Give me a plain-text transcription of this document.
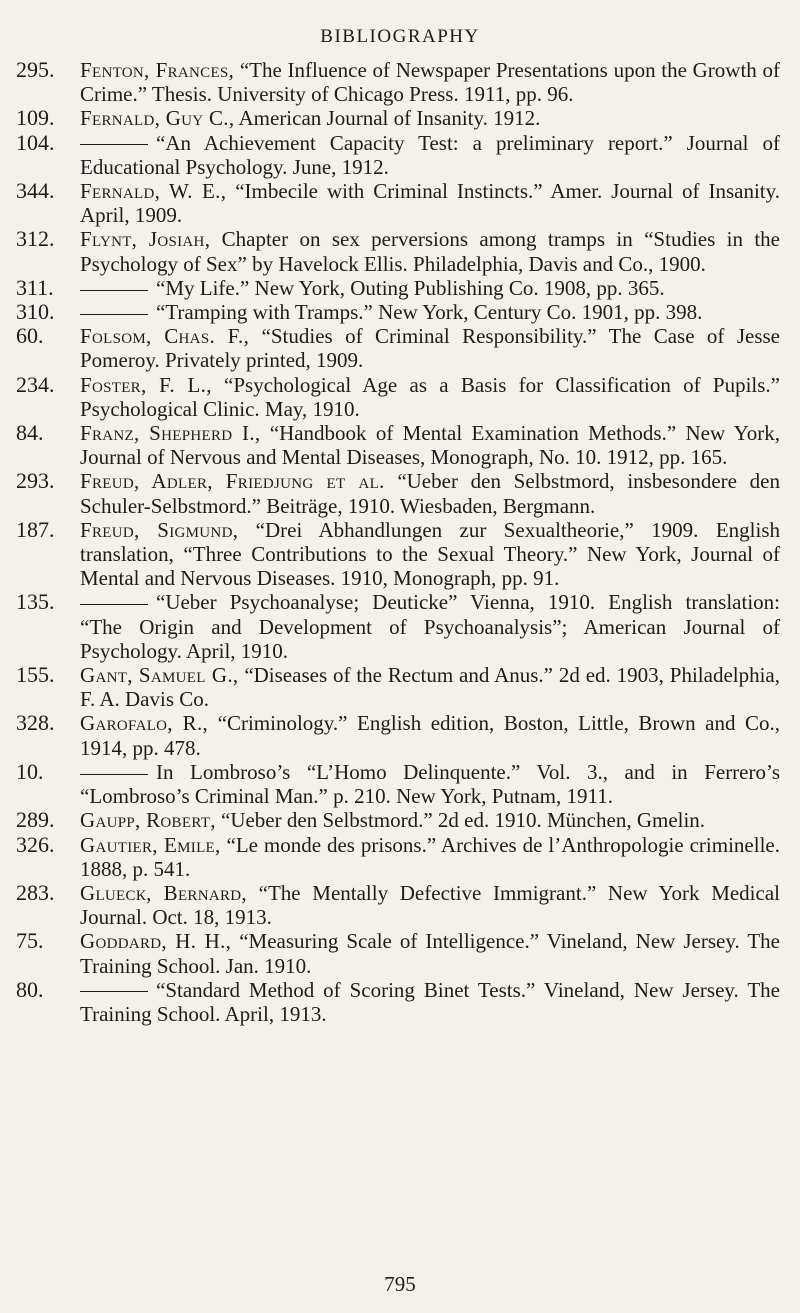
BIBLIOGRAPHY
295.	Fenton, Frances, “The Influence of Newspaper Presentations upon the Growth of Crime.” Thesis. University of Chicago Press. 1911, pp. 96.
109.	Fernald, Guy C., American Journal of Insanity. 1912.
104.	“An Achievement Capacity Test: a preliminary report.” Journal of Educational Psychology. June, 1912.
344.	Fernald, W. E., “Imbecile with Criminal Instincts.” Amer. Journal of Insanity. April, 1909.
312.	Flynt, Josiah, Chapter on sex perversions among tramps in “Studies in the Psychology of Sex” by Havelock Ellis. Philadelphia, Davis and Co., 1900.
311.	“My Life.” New York, Outing Publishing Co. 1908, pp. 365.
310.	“Tramping with Tramps.” New York, Century Co. 1901, pp. 398.
60.	Folsom, Chas. F., “Studies of Criminal Responsibility.” The Case of Jesse Pomeroy. Privately printed, 1909.
234.	Foster, F. L., “Psychological Age as a Basis for Classification of Pupils.” Psychological Clinic. May, 1910.
84.	Franz, Shepherd I., “Handbook of Mental Examination Methods.” New York, Journal of Nervous and Mental Diseases, Monograph, No. 10. 1912, pp. 165.
293.	Freud, Adler, Friedjung et al. “Ueber den Selbstmord, insbesondere den Schuler-Selbstmord.” Beiträge, 1910. Wiesbaden, Bergmann.
187.	Freud, Sigmund, “Drei Abhandlungen zur Sexualtheorie,” 1909. English translation, “Three Contributions to the Sexual Theory.” New York, Journal of Mental and Nervous Diseases. 1910, Monograph, pp. 91.
135.	“Ueber Psychoanalyse; Deuticke” Vienna, 1910. English translation: “The Origin and Development of Psychoanalysis”; American Journal of Psychology. April, 1910.
155.	Gant, Samuel G., “Diseases of the Rectum and Anus.” 2d ed. 1903, Philadelphia, F. A. Davis Co.
328.	Garofalo, R., “Criminology.” English edition, Boston, Little, Brown and Co., 1914, pp. 478.
10.	In Lombroso’s “L’Homo Delinquente.” Vol. 3., and in Ferrero’s “Lombroso’s Criminal Man.” p. 210. New York, Putnam, 1911.
289.	Gaupp, Robert, “Ueber den Selbstmord.” 2d ed. 1910. München, Gmelin.
326.	Gautier, Emile, “Le monde des prisons.” Archives de l’Anthropologie criminelle. 1888, p. 541.
283.	Gluecк, Bernard, “The Mentally Defective Immigrant.” New York Medical Journal. Oct. 18, 1913.
75.	Goddard, H. H., “Measuring Scale of Intelligence.” Vineland, New Jersey. The Training School. Jan. 1910.
80.	“Standard Method of Scoring Binet Tests.” Vineland, New Jersey. The Training School. April, 1913.
795
